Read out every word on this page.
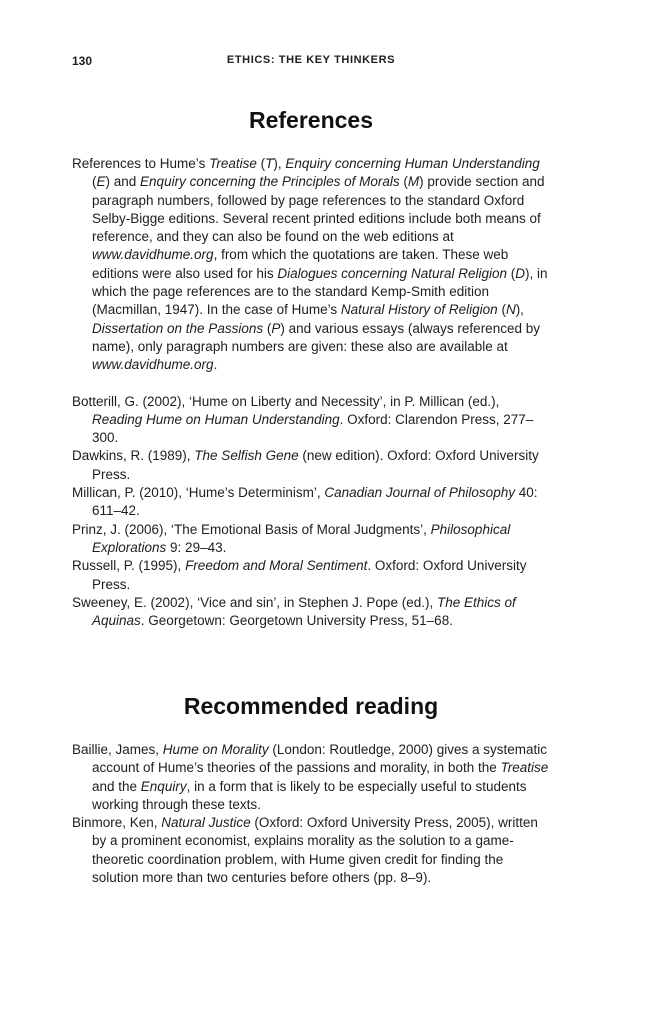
130	ETHICS: THE KEY THINKERS
References
References to Hume’s Treatise (T), Enquiry concerning Human Understanding (E) and Enquiry concerning the Principles of Morals (M) provide section and paragraph numbers, followed by page references to the standard Oxford Selby-Bigge editions. Several recent printed editions include both means of reference, and they can also be found on the web editions at www.davidhume.org, from which the quotations are taken. These web editions were also used for his Dialogues concerning Natural Religion (D), in which the page references are to the standard Kemp-Smith edition (Macmillan, 1947). In the case of Hume’s Natural History of Religion (N), Dissertation on the Passions (P) and various essays (always referenced by name), only paragraph numbers are given: these also are available at www.davidhume.org.
Botterill, G. (2002), ‘Hume on Liberty and Necessity’, in P. Millican (ed.), Reading Hume on Human Understanding. Oxford: Clarendon Press, 277–300.
Dawkins, R. (1989), The Selfish Gene (new edition). Oxford: Oxford University Press.
Millican, P. (2010), ‘Hume’s Determinism’, Canadian Journal of Philosophy 40: 611–42.
Prinz, J. (2006), ‘The Emotional Basis of Moral Judgments’, Philosophical Explorations 9: 29–43.
Russell, P. (1995), Freedom and Moral Sentiment. Oxford: Oxford University Press.
Sweeney, E. (2002), ‘Vice and sin’, in Stephen J. Pope (ed.), The Ethics of Aquinas. Georgetown: Georgetown University Press, 51–68.
Recommended reading
Baillie, James, Hume on Morality (London: Routledge, 2000) gives a systematic account of Hume’s theories of the passions and morality, in both the Treatise and the Enquiry, in a form that is likely to be especially useful to students working through these texts.
Binmore, Ken, Natural Justice (Oxford: Oxford University Press, 2005), written by a prominent economist, explains morality as the solution to a game-theoretic coordination problem, with Hume given credit for finding the solution more than two centuries before others (pp. 8–9).
